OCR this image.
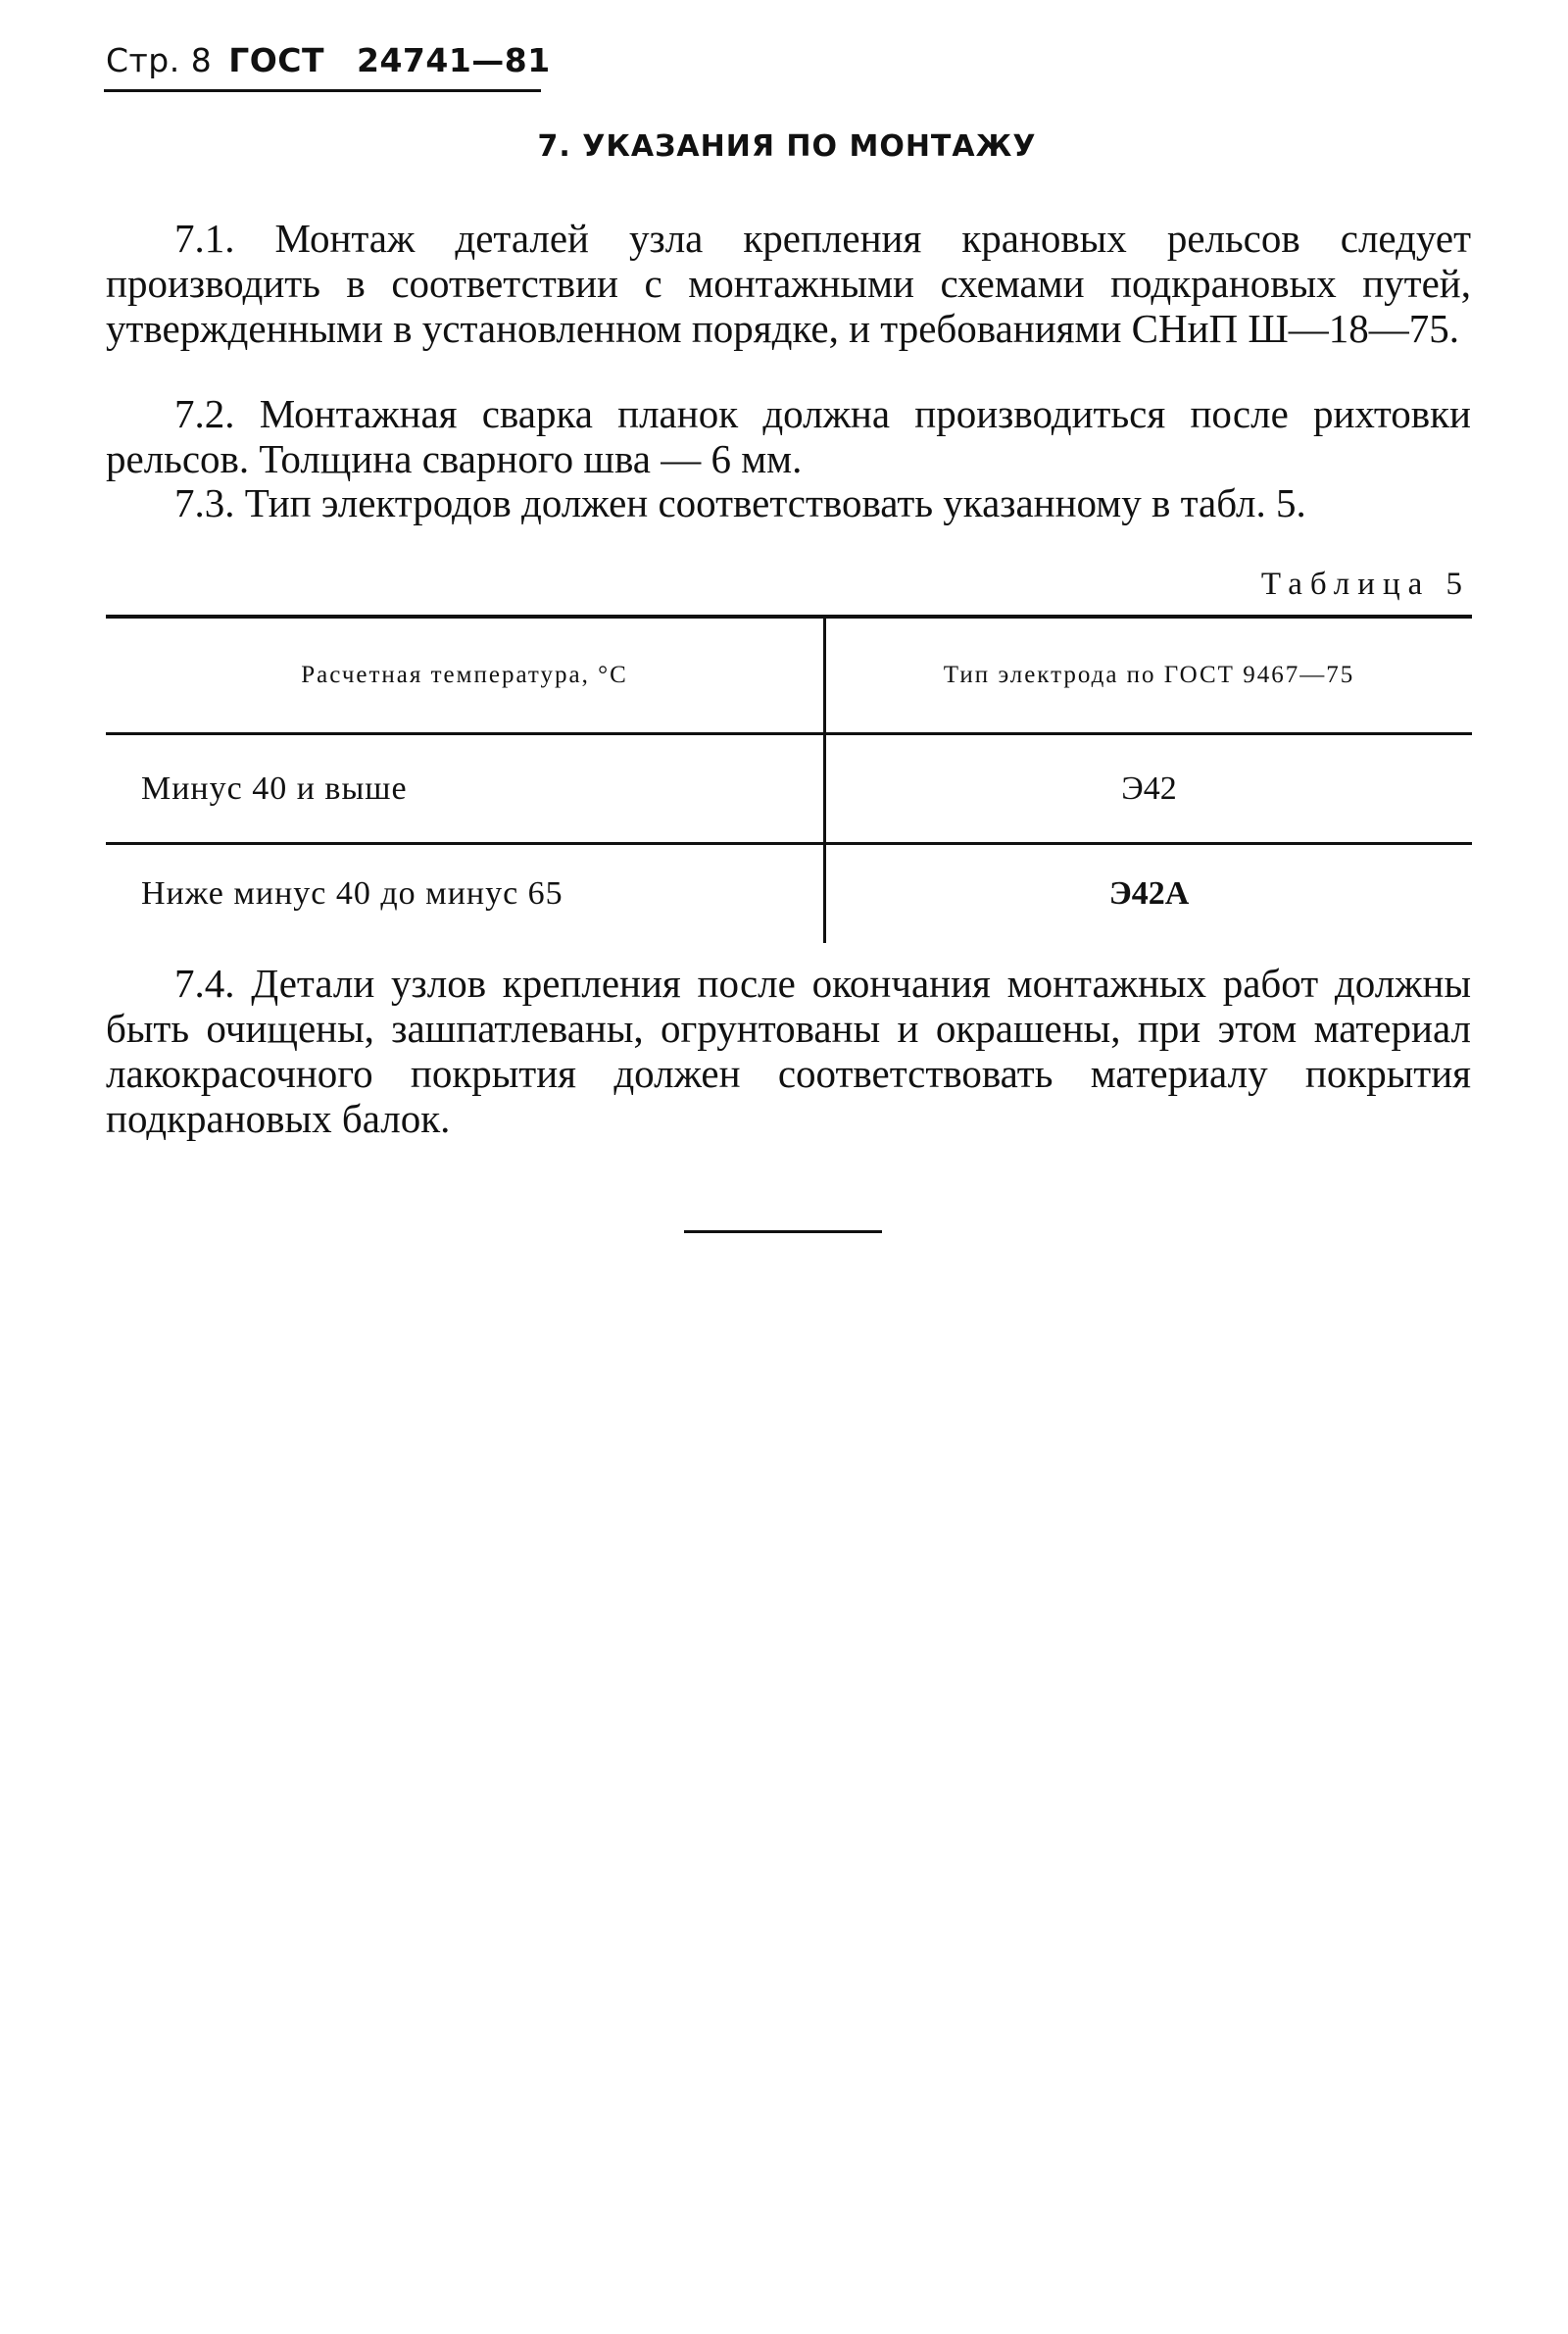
Стр. 8 ГОСТ 24741—81
7. УКАЗАНИЯ ПО МОНТАЖУ

7.1. Монтаж деталей узла крепления крановых рельсов следует производить в соответствии с монтажными схемами подкрановых путей, утвержденными в установленном порядке, и требованиями СНиП Ш—18—75.

7.2. Монтажная сварка планок должна производиться после рихтовки рельсов. Толщина сварного шва — 6 мм.

7.3. Тип электродов должен соответствовать указанному в табл. 5.

Таблица 5
Расчетная температура, °С	Тип электрода по ГОСТ 9467—75
Минус 40 и выше	Э42
Ниже минус 40 до минус 65	Э42А

7.4. Детали узлов крепления после окончания монтажных работ должны быть очищены, зашпатлеваны, огрунтованы и окрашены, при этом материал лакокрасочного покрытия должен соответствовать материалу покрытия подкрановых балок.
